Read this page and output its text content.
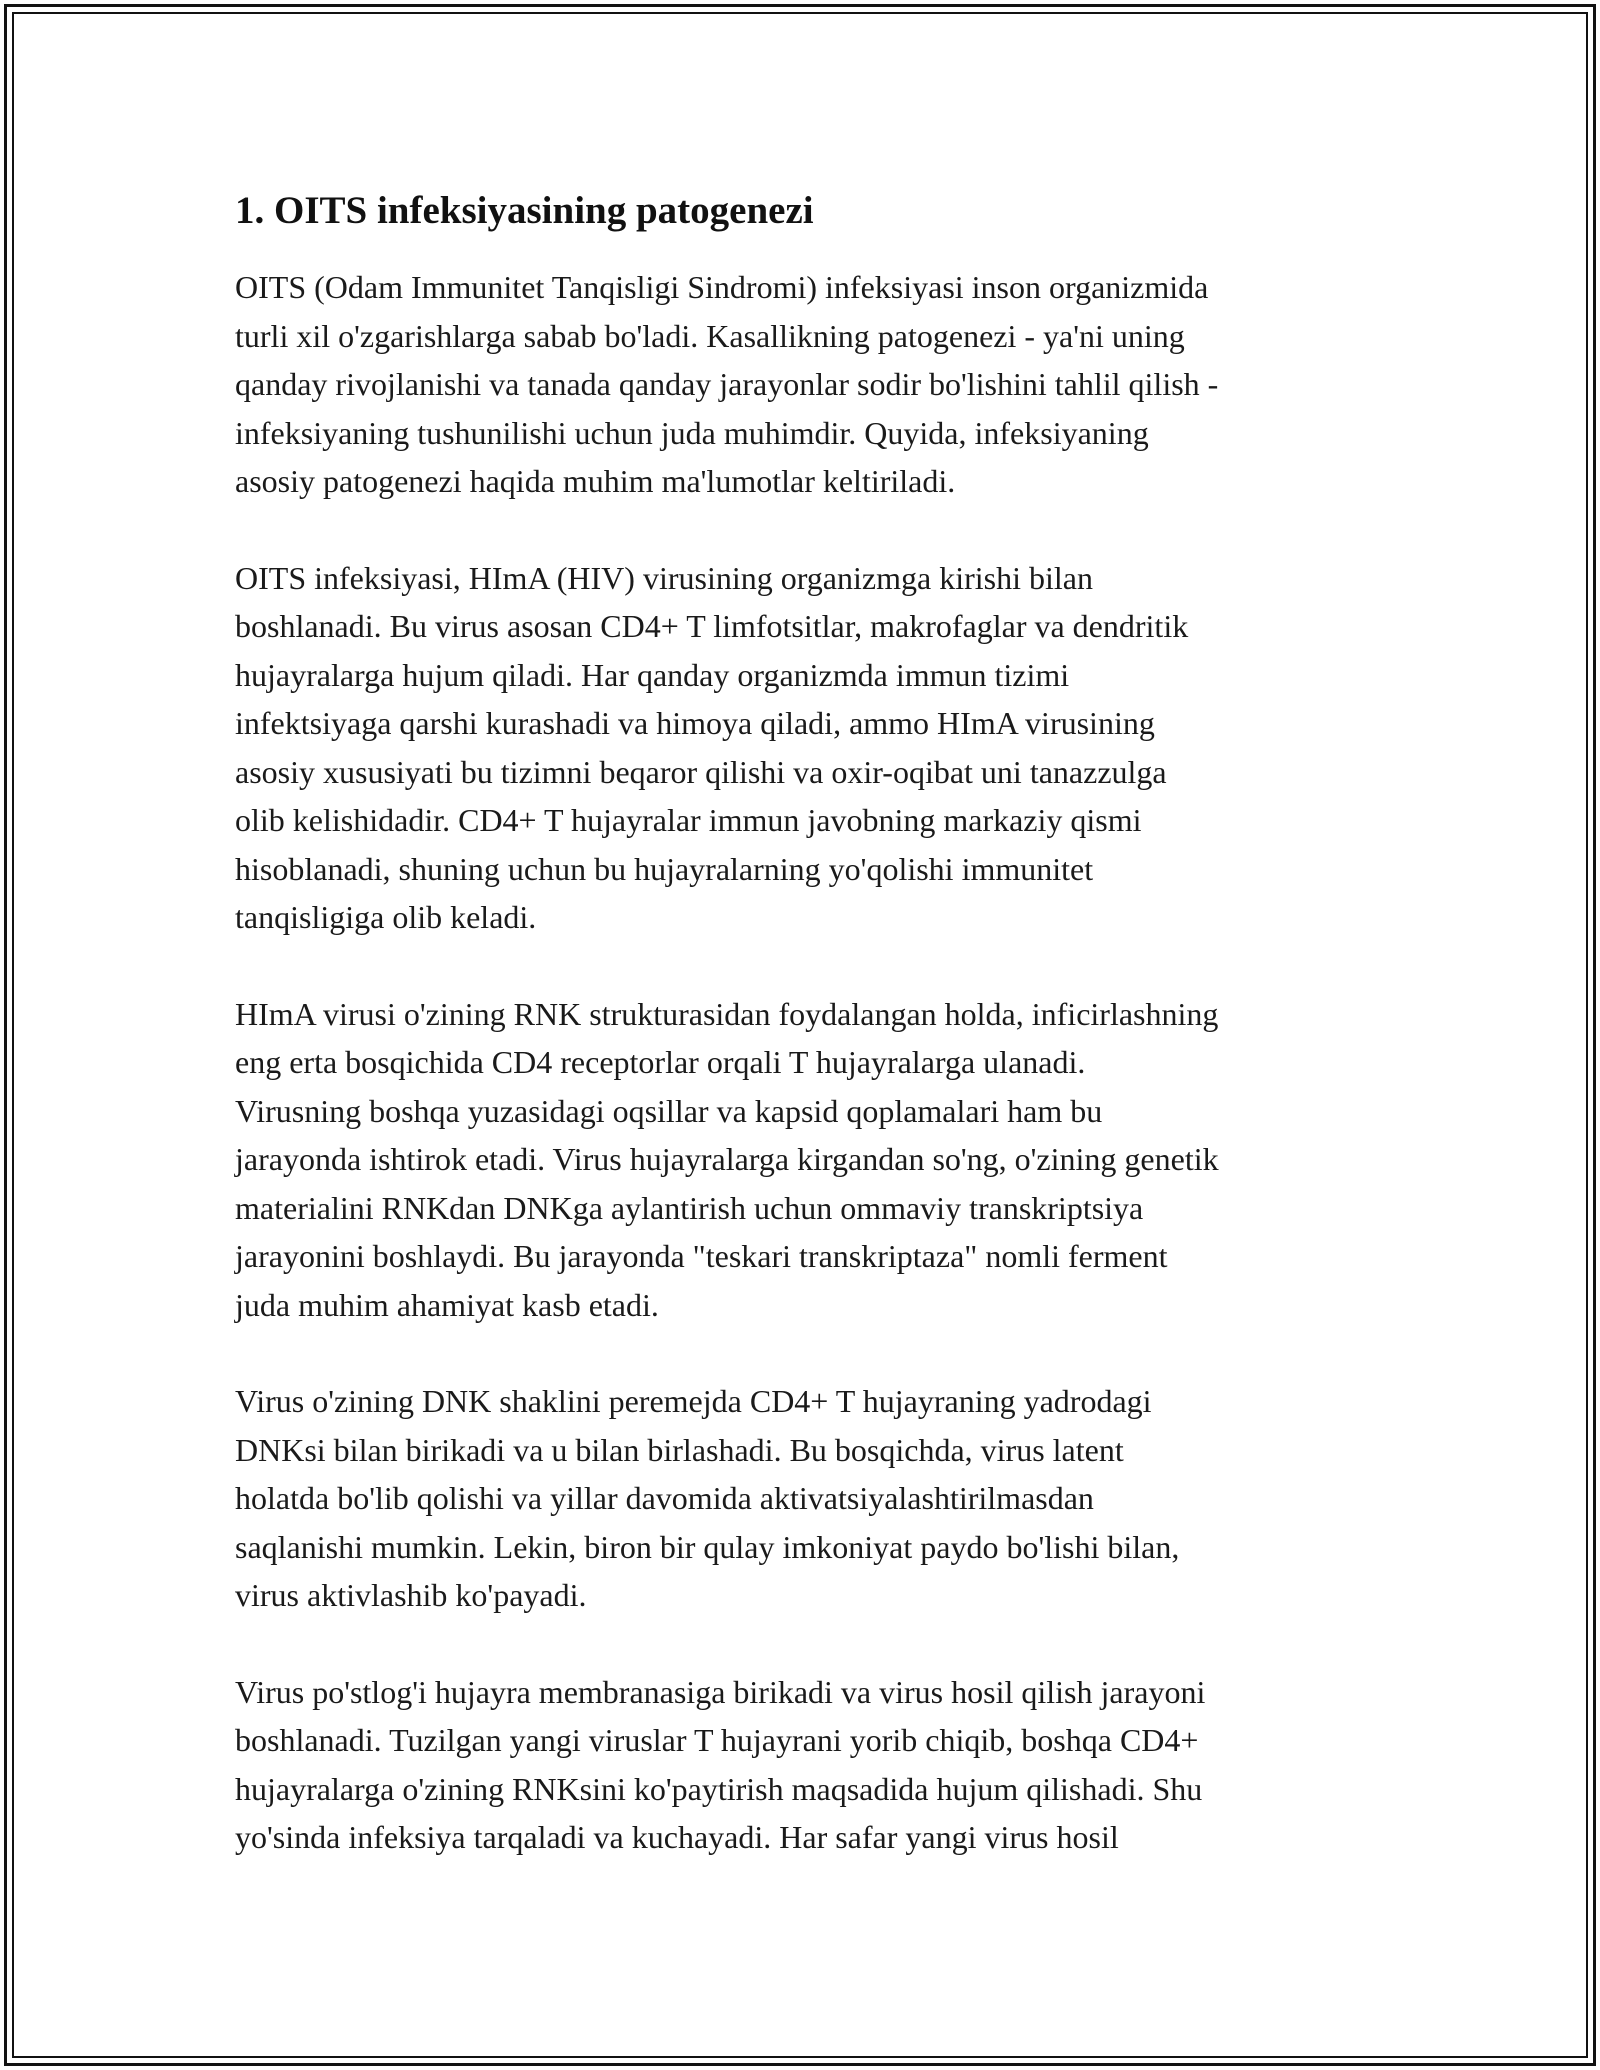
1. OITS infeksiyasining patogenezi

OITS (Odam Immunitet Tanqisligi Sindromi) infeksiyasi inson organizmida
turli xil o'zgarishlarga sabab bo'ladi. Kasallikning patogenezi - ya'ni uning
qanday rivojlanishi va tanada qanday jarayonlar sodir bo'lishini tahlil qilish -
infeksiyaning tushunilishi uchun juda muhimdir. Quyida, infeksiyaning
asosiy patogenezi haqida muhim ma'lumotlar keltiriladi.

OITS infeksiyasi, HImA (HIV) virusining organizmga kirishi bilan
boshlanadi. Bu virus asosan CD4+ T limfotsitlar, makrofaglar va dendritik
hujayralarga hujum qiladi. Har qanday organizmda immun tizimi
infektsiyaga qarshi kurashadi va himoya qiladi, ammo HImA virusining
asosiy xususiyati bu tizimni beqaror qilishi va oxir-oqibat uni tanazzulga
olib kelishidadir. CD4+ T hujayralar immun javobning markaziy qismi
hisoblanadi, shuning uchun bu hujayralarning yo'qolishi immunitet
tanqisligiga olib keladi.

HImA virusi o'zining RNK strukturasidan foydalangan holda, inficirlashning
eng erta bosqichida CD4 receptorlar orqali T hujayralarga ulanadi.
Virusning boshqa yuzasidagi oqsillar va kapsid qoplamalari ham bu
jarayonda ishtirok etadi. Virus hujayralarga kirgandan so'ng, o'zining genetik
materialini RNKdan DNKga aylantirish uchun ommaviy transkriptsiya
jarayonini boshlaydi. Bu jarayonda "teskari transkriptaza" nomli ferment
juda muhim ahamiyat kasb etadi.

Virus o'zining DNK shaklini peremejda CD4+ T hujayraning yadrodagi
DNKsi bilan birikadi va u bilan birlashadi. Bu bosqichda, virus latent
holatda bo'lib qolishi va yillar davomida aktivatsiyalashtirilmasdan
saqlanishi mumkin. Lekin, biron bir qulay imkoniyat paydo bo'lishi bilan,
virus aktivlashib ko'payadi.

Virus po'stlog'i hujayra membranasiga birikadi va virus hosil qilish jarayoni
boshlanadi. Tuzilgan yangi viruslar T hujayrani yorib chiqib, boshqa CD4+
hujayralarga o'zining RNKsini ko'paytirish maqsadida hujum qilishadi. Shu
yo'sinda infeksiya tarqaladi va kuchayadi. Har safar yangi virus hosil
